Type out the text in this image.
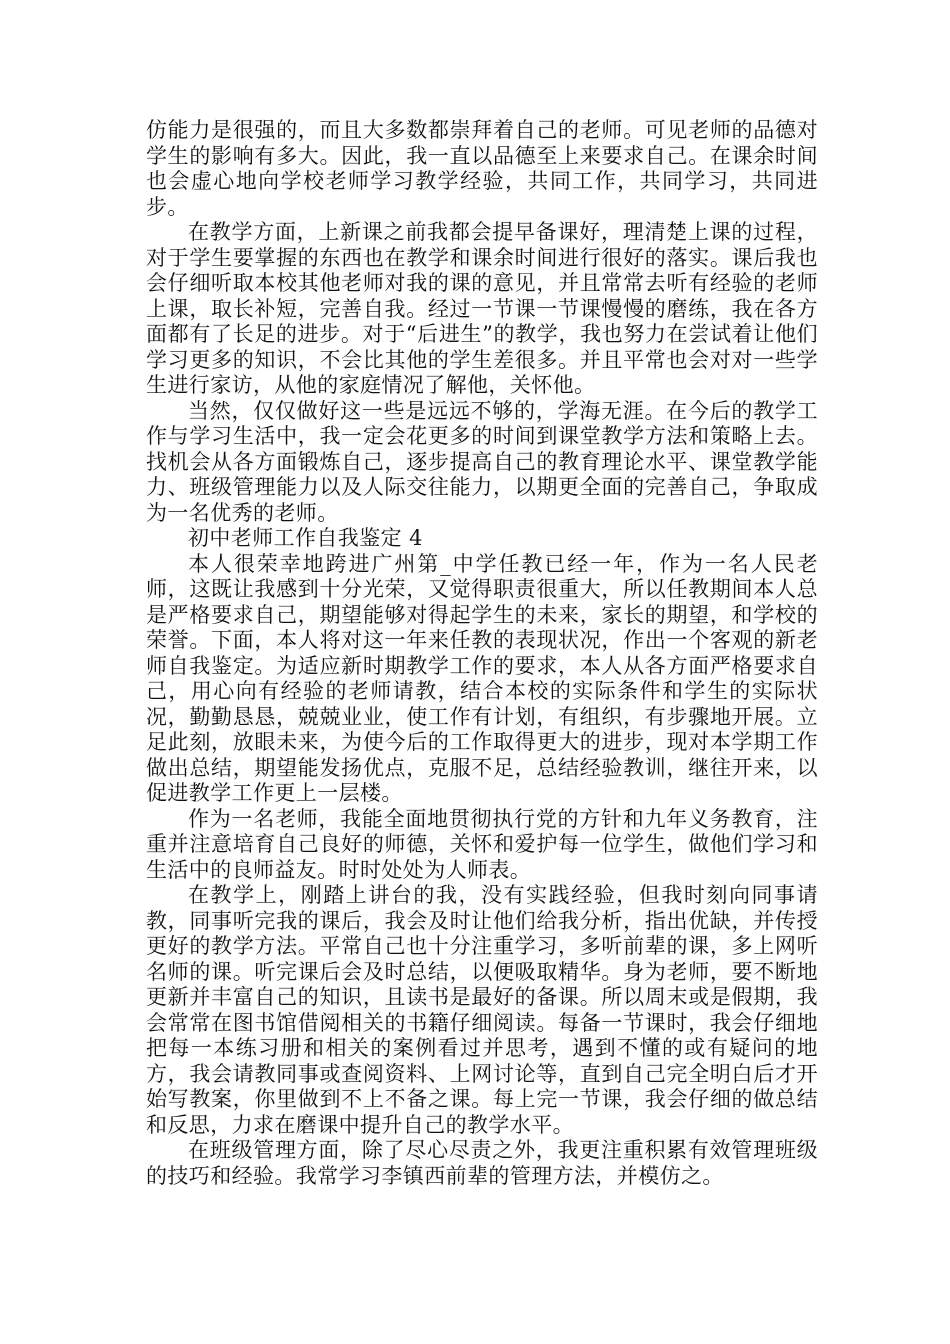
仿能力是很强的，而且大多数都崇拜着自己的老师。可见老师的品德对学生的影响有多大。因此，我一直以品德至上来要求自己。在课余时间也会虚心地向学校老师学习教学经验，共同工作，共同学习，共同进步。

在教学方面，上新课之前我都会提早备课好，理清楚上课的过程，对于学生要掌握的东西也在教学和课余时间进行很好的落实。课后我也会仔细听取本校其他老师对我的课的意见，并且常常去听有经验的老师上课，取长补短，完善自我。经过一节课一节课慢慢的磨练，我在各方面都有了长足的进步。对于“后进生”的教学，我也努力在尝试着让他们学习更多的知识，不会比其他的学生差很多。并且平常也会对对一些学生进行家访，从他的家庭情况了解他，关怀他。

当然，仅仅做好这一些是远远不够的，学海无涯。在今后的教学工作与学习生活中，我一定会花更多的时间到课堂教学方法和策略上去。找机会从各方面锻炼自己，逐步提高自己的教育理论水平、课堂教学能力、班级管理能力以及人际交往能力，以期更全面的完善自己，争取成为一名优秀的老师。

初中老师工作自我鉴定 4

本人很荣幸地跨进广州第_中学任教已经一年，作为一名人民老师，这既让我感到十分光荣，又觉得职责很重大，所以任教期间本人总是严格要求自己，期望能够对得起学生的未来，家长的期望，和学校的荣誉。下面，本人将对这一年来任教的表现状况，作出一个客观的新老师自我鉴定。为适应新时期教学工作的要求，本人从各方面严格要求自己，用心向有经验的老师请教，结合本校的实际条件和学生的实际状况，勤勤恳恳，兢兢业业，使工作有计划，有组织，有步骤地开展。立足此刻，放眼未来，为使今后的工作取得更大的进步，现对本学期工作做出总结，期望能发扬优点，克服不足，总结经验教训，继往开来，以促进教学工作更上一层楼。

作为一名老师，我能全面地贯彻执行党的方针和九年义务教育，注重并注意培育自己良好的师德，关怀和爱护每一位学生，做他们学习和生活中的良师益友。时时处处为人师表。

在教学上，刚踏上讲台的我，没有实践经验，但我时刻向同事请教，同事听完我的课后，我会及时让他们给我分析，指出优缺，并传授更好的教学方法。平常自己也十分注重学习，多听前辈的课，多上网听名师的课。听完课后会及时总结，以便吸取精华。身为老师，要不断地更新并丰富自己的知识，且读书是最好的备课。所以周末或是假期，我会常常在图书馆借阅相关的书籍仔细阅读。每备一节课时，我会仔细地把每一本练习册和相关的案例看过并思考，遇到不懂的或有疑问的地方，我会请教同事或查阅资料、上网讨论等，直到自己完全明白后才开始写教案，你里做到不上不备之课。每上完一节课，我会仔细的做总结和反思，力求在磨课中提升自己的教学水平。

在班级管理方面，除了尽心尽责之外，我更注重积累有效管理班级的技巧和经验。我常学习李镇西前辈的管理方法，并模仿之。
